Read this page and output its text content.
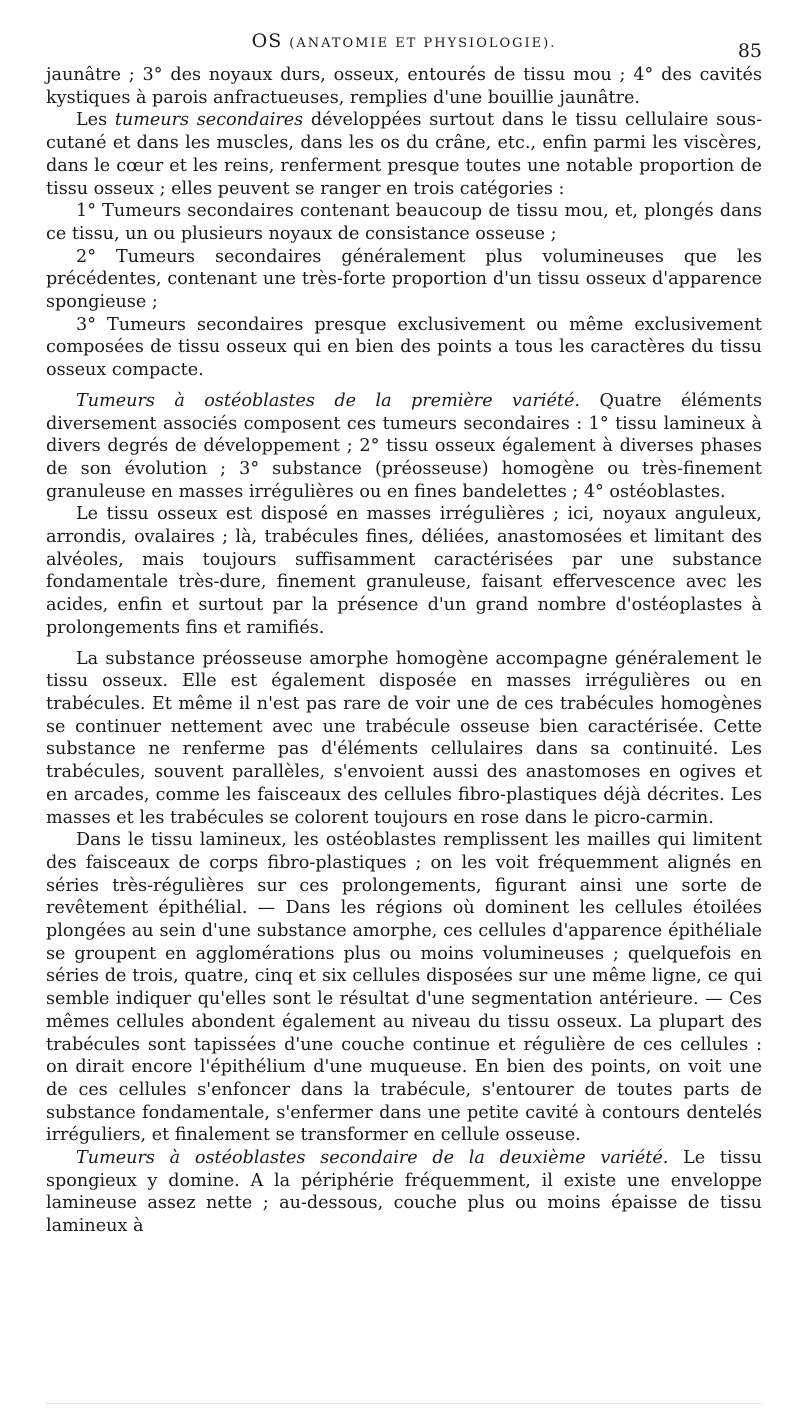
OS (ANATOMIE ET PHYSIOLOGIE).	85

jaunâtre ; 3° des noyaux durs, osseux, entourés de tissu mou ; 4° des cavités kystiques à parois anfractueuses, remplies d'une bouillie jaunâtre.

Les tumeurs secondaires développées surtout dans le tissu cellulaire sous-cutané et dans les muscles, dans les os du crâne, etc., enfin parmi les viscères, dans le cœur et les reins, renferment presque toutes une notable proportion de tissu osseux ; elles peuvent se ranger en trois catégories :

1° Tumeurs secondaires contenant beaucoup de tissu mou, et, plongés dans ce tissu, un ou plusieurs noyaux de consistance osseuse ;

2° Tumeurs secondaires généralement plus volumineuses que les précédentes, contenant une très-forte proportion d'un tissu osseux d'apparence spongieuse ;

3° Tumeurs secondaires presque exclusivement ou même exclusivement composées de tissu osseux qui en bien des points a tous les caractères du tissu osseux compacte.

Tumeurs à ostéoblastes de la première variété. Quatre éléments diversement associés composent ces tumeurs secondaires : 1° tissu lamineux à divers degrés de développement ; 2° tissu osseux également à diverses phases de son évolution ; 3° substance (préosseuse) homogène ou très-finement granuleuse en masses irrégulières ou en fines bandelettes ; 4° ostéoblastes.

Le tissu osseux est disposé en masses irrégulières ; ici, noyaux anguleux, arrondis, ovalaires ; là, trabécules fines, déliées, anastomosées et limitant des alvéoles, mais toujours suffisamment caractérisées par une substance fondamentale très-dure, finement granuleuse, faisant effervescence avec les acides, enfin et surtout par la présence d'un grand nombre d'ostéoplastes à prolongements fins et ramifiés.

La substance préosseuse amorphe homogène accompagne généralement le tissu osseux. Elle est également disposée en masses irrégulières ou en trabécules. Et même il n'est pas rare de voir une de ces trabécules homogènes se continuer nettement avec une trabécule osseuse bien caractérisée. Cette substance ne renferme pas d'éléments cellulaires dans sa continuité. Les trabécules, souvent parallèles, s'envoient aussi des anastomoses en ogives et en arcades, comme les faisceaux des cellules fibro-plastiques déjà décrites. Les masses et les trabécules se colorent toujours en rose dans le picro-carmin.

Dans le tissu lamineux, les ostéoblastes remplissent les mailles qui limitent des faisceaux de corps fibro-plastiques ; on les voit fréquemment alignés en séries très-régulières sur ces prolongements, figurant ainsi une sorte de revêtement épithélial. — Dans les régions où dominent les cellules étoilées plongées au sein d'une substance amorphe, ces cellules d'apparence épithéliale se groupent en agglomérations plus ou moins volumineuses ; quelquefois en séries de trois, quatre, cinq et six cellules disposées sur une même ligne, ce qui semble indiquer qu'elles sont le résultat d'une segmentation antérieure. — Ces mêmes cellules abondent également au niveau du tissu osseux. La plupart des trabécules sont tapissées d'une couche continue et régulière de ces cellules : on dirait encore l'épithélium d'une muqueuse. En bien des points, on voit une de ces cellules s'enfoncer dans la trabécule, s'entourer de toutes parts de substance fondamentale, s'enfermer dans une petite cavité à contours dentelés irréguliers, et finalement se transformer en cellule osseuse.

Tumeurs à ostéoblastes secondaire de la deuxième variété. Le tissu spongieux y domine. A la périphérie fréquemment, il existe une enveloppe lamineuse assez nette ; au-dessous, couche plus ou moins épaisse de tissu lamineux à
